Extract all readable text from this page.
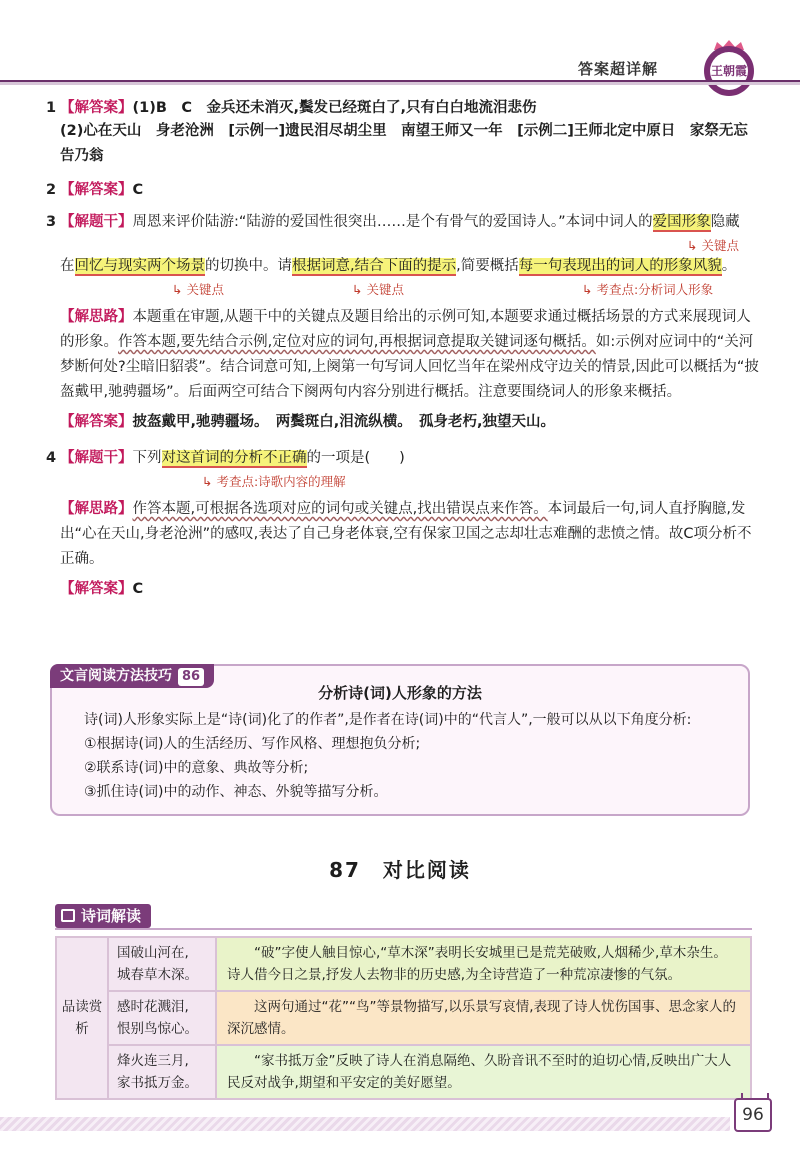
答案超详解	王朝霞
1 【解答案】(1)B　C　金兵还未消灭,鬓发已经斑白了,只有白白地流泪悲伤
(2)心在天山　身老沧洲　[示例一]遗民泪尽胡尘里　南望王师又一年　[示例二]王师北定中原日　家祭无忘告乃翁
2 【解答案】C
3 【解题干】周恩来评价陆游:“陆游的爱国性很突出……是个有骨气的爱国诗人。”本词中词人的爱国形象隐藏
↳ 关键点
在回忆与现实两个场景的切换中。请根据词意,结合下面的提示,简要概括每一句表现出的词人的形象风貌。
↳ 关键点	↳ 关键点	↳ 考查点:分析词人形象
【解思路】本题重在审题,从题干中的关键点及题目给出的示例可知,本题要求通过概括场景的方式来展现词人的形象。作答本题,要先结合示例,定位对应的词句,再根据词意提取关键词逐句概括。如:示例对应词中的“关河梦断何处?尘暗旧貂裘”。结合词意可知,上阕第一句写词人回忆当年在梁州戍守边关的情景,因此可以概括为“披盔戴甲,驰骋疆场”。后面两空可结合下阕两句内容分别进行概括。注意要围绕词人的形象来概括。
【解答案】披盔戴甲,驰骋疆场。　两鬓斑白,泪流纵横。　孤身老朽,独望天山。
4 【解题干】下列对这首词的分析不正确的一项是(　　)
↳ 考查点:诗歌内容的理解
【解思路】作答本题,可根据各选项对应的词句或关键点,找出错误点来作答。本词最后一句,词人直抒胸臆,发出“心在天山,身老沧洲”的感叹,表达了自己身老体衰,空有保家卫国之志却壮志难酬的悲愤之情。故C项分析不正确。
【解答案】C
文言阅读方法技巧 86
分析诗(词)人形象的方法
诗(词)人形象实际上是“诗(词)化了的作者”,是作者在诗(词)中的“代言人”,一般可以从以下角度分析:
①根据诗(词)人的生活经历、写作风格、理想抱负分析;
②联系诗(词)中的意象、典故等分析;
③抓住诗(词)中的动作、神态、外貌等描写分析。
87　对比阅读
诗词解读
品读赏析	国破山河在,
城春草木深。	“破”字使人触目惊心,“草木深”表明长安城里已是荒芜破败,人烟稀少,草木杂生。诗人借今日之景,抒发人去物非的历史感,为全诗营造了一种荒凉凄惨的气氛。

	感时花溅泪,
恨别鸟惊心。	这两句通过“花”“鸟”等景物描写,以乐景写哀情,表现了诗人忧伤国事、思念家人的深沉感情。

	烽火连三月,
家书抵万金。	“家书抵万金”反映了诗人在消息隔绝、久盼音讯不至时的迫切心情,反映出广大人民反对战争,期望和平安定的美好愿望。
96
